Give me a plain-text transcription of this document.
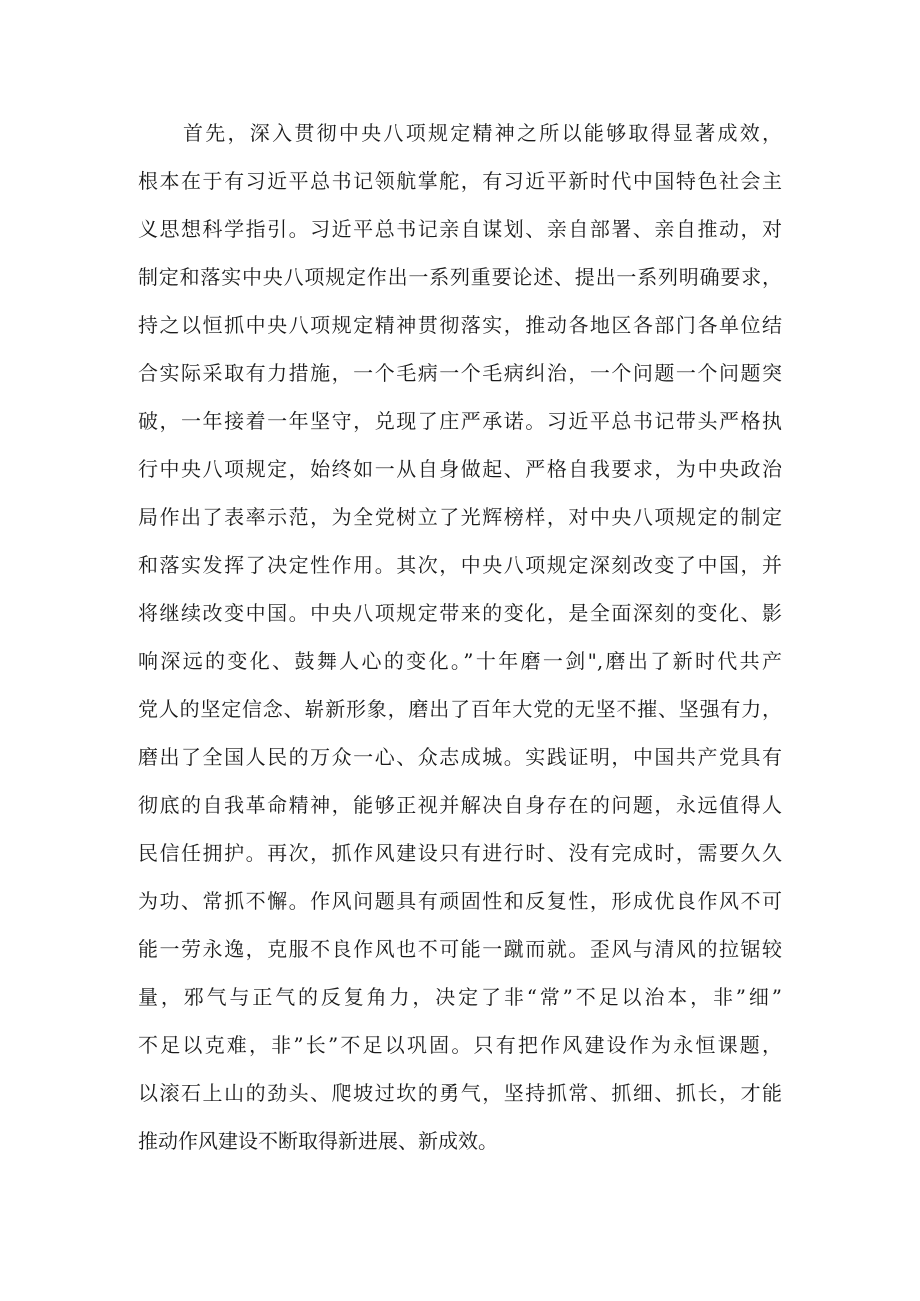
首先，深入贯彻中央八项规定精神之所以能够取得显著成效，
根本在于有习近平总书记领航掌舵，有习近平新时代中国特色社会主
义思想科学指引。习近平总书记亲自谋划、亲自部署、亲自推动，对
制定和落实中央八项规定作出一系列重要论述、提出一系列明确要求，
持之以恒抓中央八项规定精神贯彻落实，推动各地区各部门各单位结
合实际采取有力措施，一个毛病一个毛病纠治，一个问题一个问题突
破，一年接着一年坚守，兑现了庄严承诺。习近平总书记带头严格执
行中央八项规定，始终如一从自身做起、严格自我要求，为中央政治
局作出了表率示范，为全党树立了光辉榜样，对中央八项规定的制定
和落实发挥了决定性作用。其次，中央八项规定深刻改变了中国，并
将继续改变中国。中央八项规定带来的变化，是全面深刻的变化、影
响深远的变化、鼓舞人心的变化。”十年磨一剑",磨出了新时代共产
党人的坚定信念、崭新形象，磨出了百年大党的无坚不摧、坚强有力，
磨出了全国人民的万众一心、众志成城。实践证明，中国共产党具有
彻底的自我革命精神，能够正视并解决自身存在的问题，永远值得人
民信任拥护。再次，抓作风建设只有进行时、没有完成时，需要久久
为功、常抓不懈。作风问题具有顽固性和反复性，形成优良作风不可
能一劳永逸，克服不良作风也不可能一蹴而就。歪风与清风的拉锯较
量，邪气与正气的反复角力，决定了非“常”不足以治本，非”细”
不足以克难，非”长”不足以巩固。只有把作风建设作为永恒课题，
以滚石上山的劲头、爬坡过坎的勇气，坚持抓常、抓细、抓长，才能
推动作风建设不断取得新进展、新成效。
